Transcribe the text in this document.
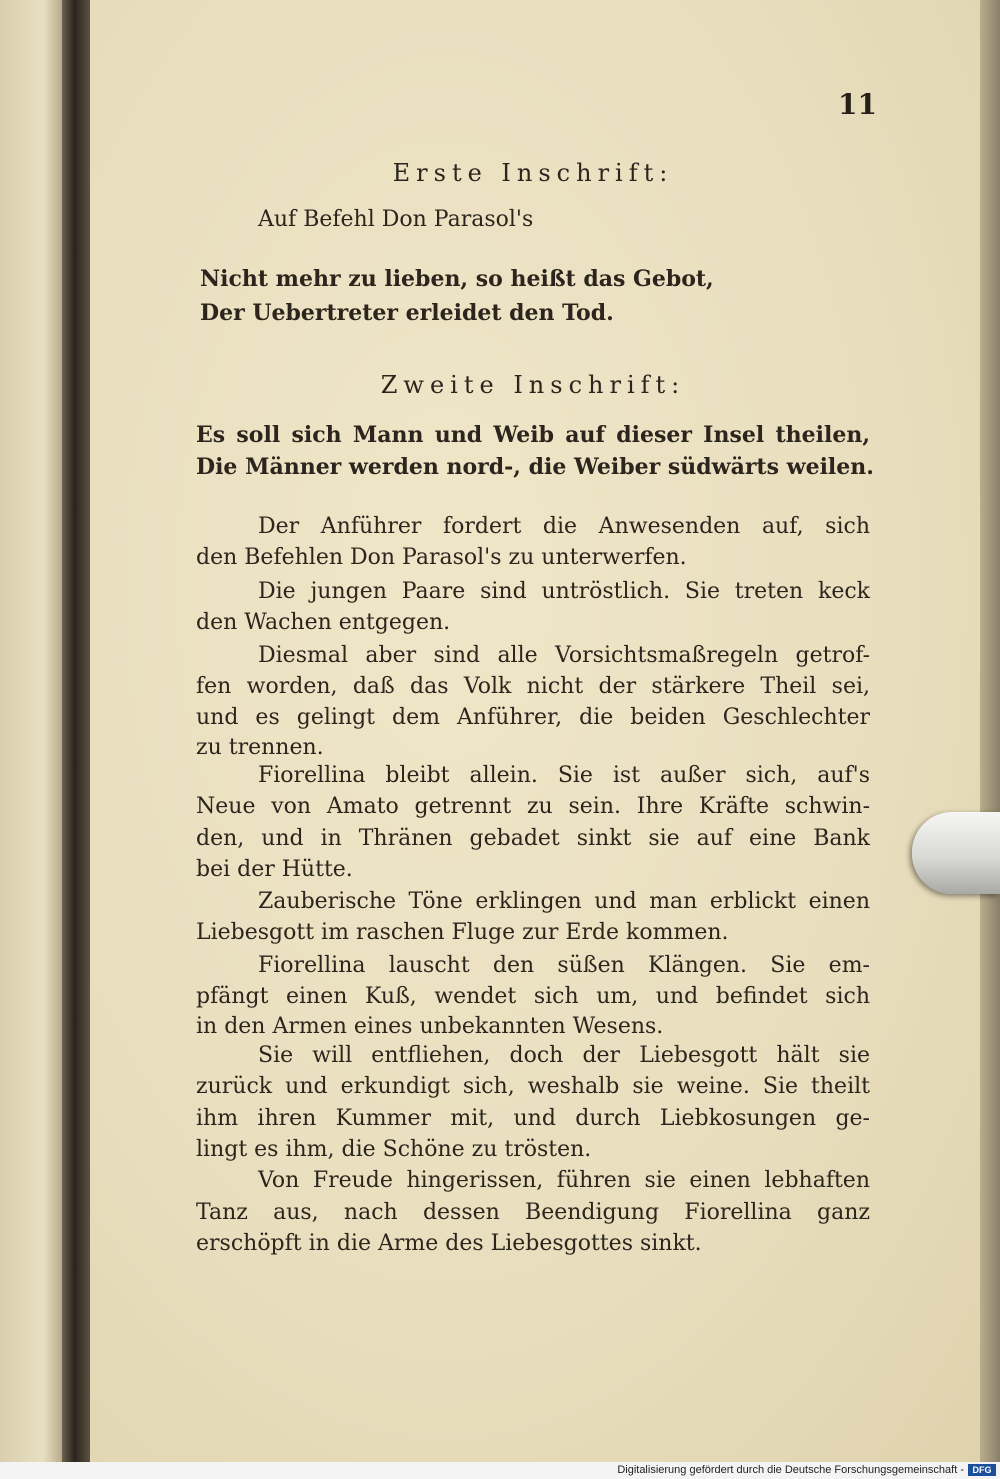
11

Erste Inschrift:

Auf Befehl Don Parasol's

Nicht mehr zu lieben, so heißt das Gebot,

Der Uebertreter erleidet den Tod.

Zweite Inschrift:

Es soll sich Mann und Weib auf dieser Insel theilen,

Die Männer werden nord-, die Weiber südwärts weilen.

Der Anführer fordert die Anwesenden auf, sich

den Befehlen Don Parasol's zu unterwerfen.

Die jungen Paare sind untröstlich. Sie treten keck

den Wachen entgegen.

Diesmal aber sind alle Vorsichtsmaßregeln getrof-

fen worden, daß das Volk nicht der stärkere Theil sei,

und es gelingt dem Anführer, die beiden Geschlechter

zu trennen.

Fiorellina bleibt allein. Sie ist außer sich, auf's

Neue von Amato getrennt zu sein. Ihre Kräfte schwin-

den, und in Thränen gebadet sinkt sie auf eine Bank

bei der Hütte.

Zauberische Töne erklingen und man erblickt einen

Liebesgott im raschen Fluge zur Erde kommen.

Fiorellina lauscht den süßen Klängen. Sie em-

pfängt einen Kuß, wendet sich um, und befindet sich

in den Armen eines unbekannten Wesens.

Sie will entfliehen, doch der Liebesgott hält sie

zurück und erkundigt sich, weshalb sie weine. Sie theilt

ihm ihren Kummer mit, und durch Liebkosungen ge-

lingt es ihm, die Schöne zu trösten.

Von Freude hingerissen, führen sie einen lebhaften

Tanz aus, nach dessen Beendigung Fiorellina ganz

erschöpft in die Arme des Liebesgottes sinkt.

Digitalisierung gefördert durch die Deutsche Forschungsgemeinschaft - DFG
